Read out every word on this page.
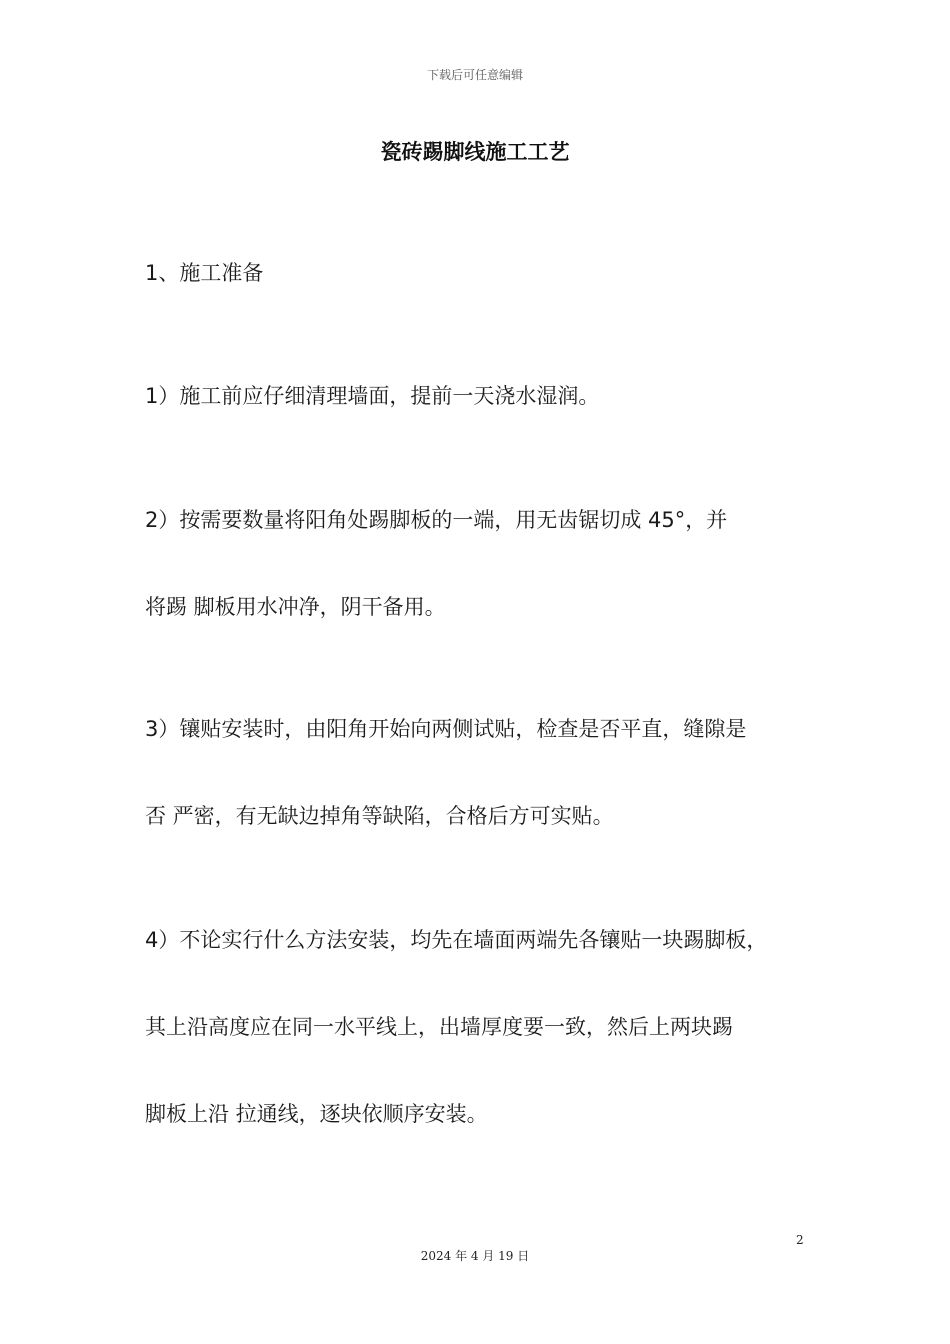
下载后可任意编辑
瓷砖踢脚线施工工艺

1、施工准备

1）施工前应仔细清理墙面，提前一天浇水湿润。

2）按需要数量将阳角处踢脚板的一端，用无齿锯切成 45°，并

将踢 脚板用水冲净，阴干备用。

3）镶贴安装时，由阳角开始向两侧试贴，检查是否平直，缝隙是

否 严密，有无缺边掉角等缺陷，合格后方可实贴。

4）不论实行什么方法安装，均先在墙面两端先各镶贴一块踢脚板，

其上沿高度应在同一水平线上，出墙厚度要一致，然后上两块踢

脚板上沿 拉通线，逐块依顺序安装。

2
2024 年 4 月 19 日
